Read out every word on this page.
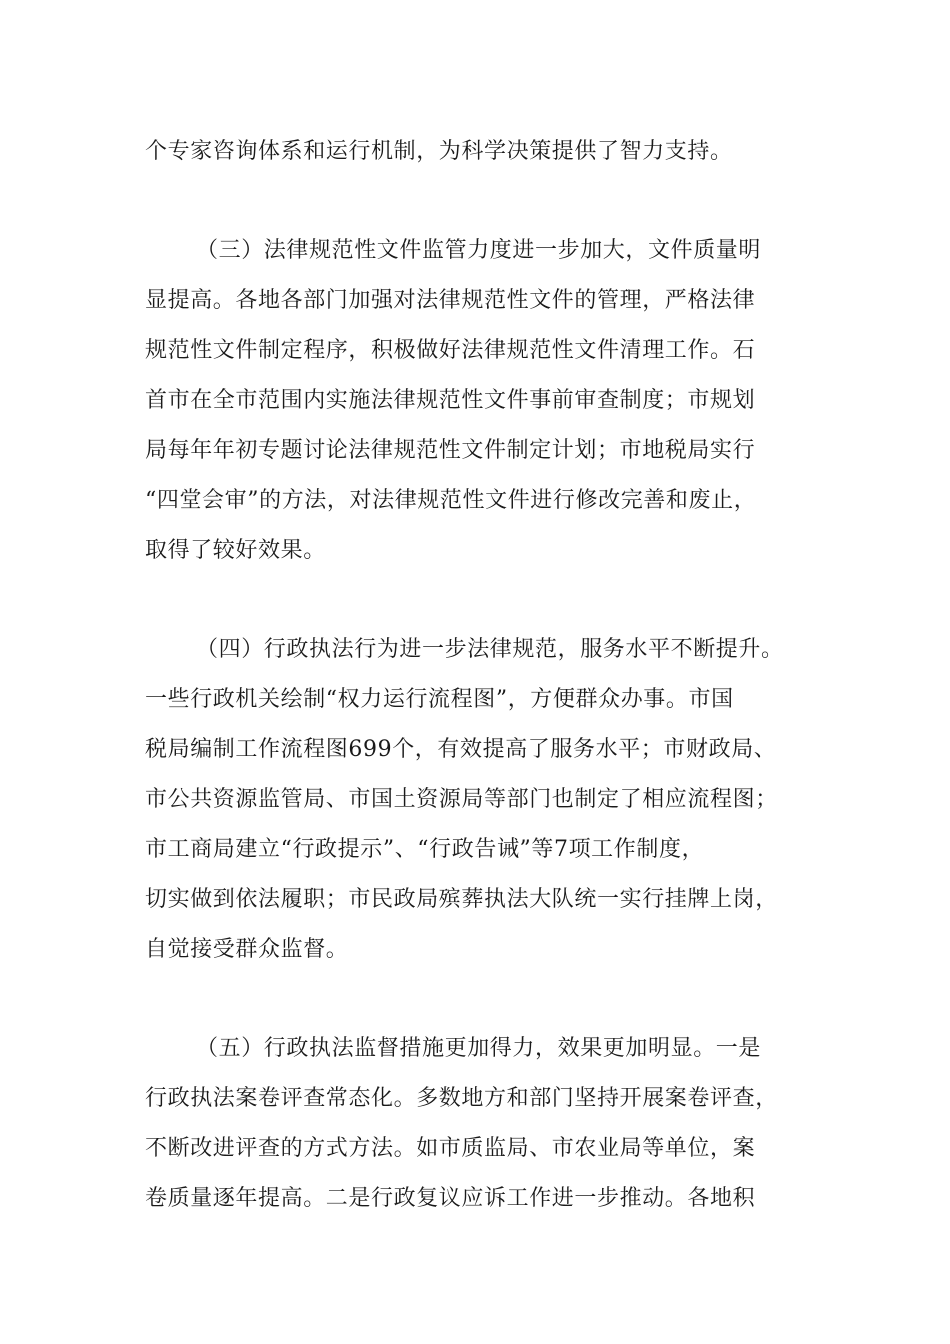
个专家咨询体系和运行机制，为科学决策提供了智力支持。
（三）法律规范性文件监管力度进一步加大，文件质量明
显提高。各地各部门加强对法律规范性文件的管理，严格法律
规范性文件制定程序，积极做好法律规范性文件清理工作。石
首市在全市范围内实施法律规范性文件事前审查制度；市规划
局每年年初专题讨论法律规范性文件制定计划；市地税局实行
“四堂会审”的方法，对法律规范性文件进行修改完善和废止，
取得了较好效果。
（四）行政执法行为进一步法律规范，服务水平不断提升。
一些行政机关绘制“权力运行流程图”，方便群众办事。市国
税局编制工作流程图699个，有效提高了服务水平；市财政局、
市公共资源监管局、市国土资源局等部门也制定了相应流程图；
市工商局建立“行政提示”、“行政告诫”等7项工作制度，
切实做到依法履职；市民政局殡葬执法大队统一实行挂牌上岗，
自觉接受群众监督。
（五）行政执法监督措施更加得力，效果更加明显。一是
行政执法案卷评查常态化。多数地方和部门坚持开展案卷评查，
不断改进评查的方式方法。如市质监局、市农业局等单位，案
卷质量逐年提高。二是行政复议应诉工作进一步推动。各地积
